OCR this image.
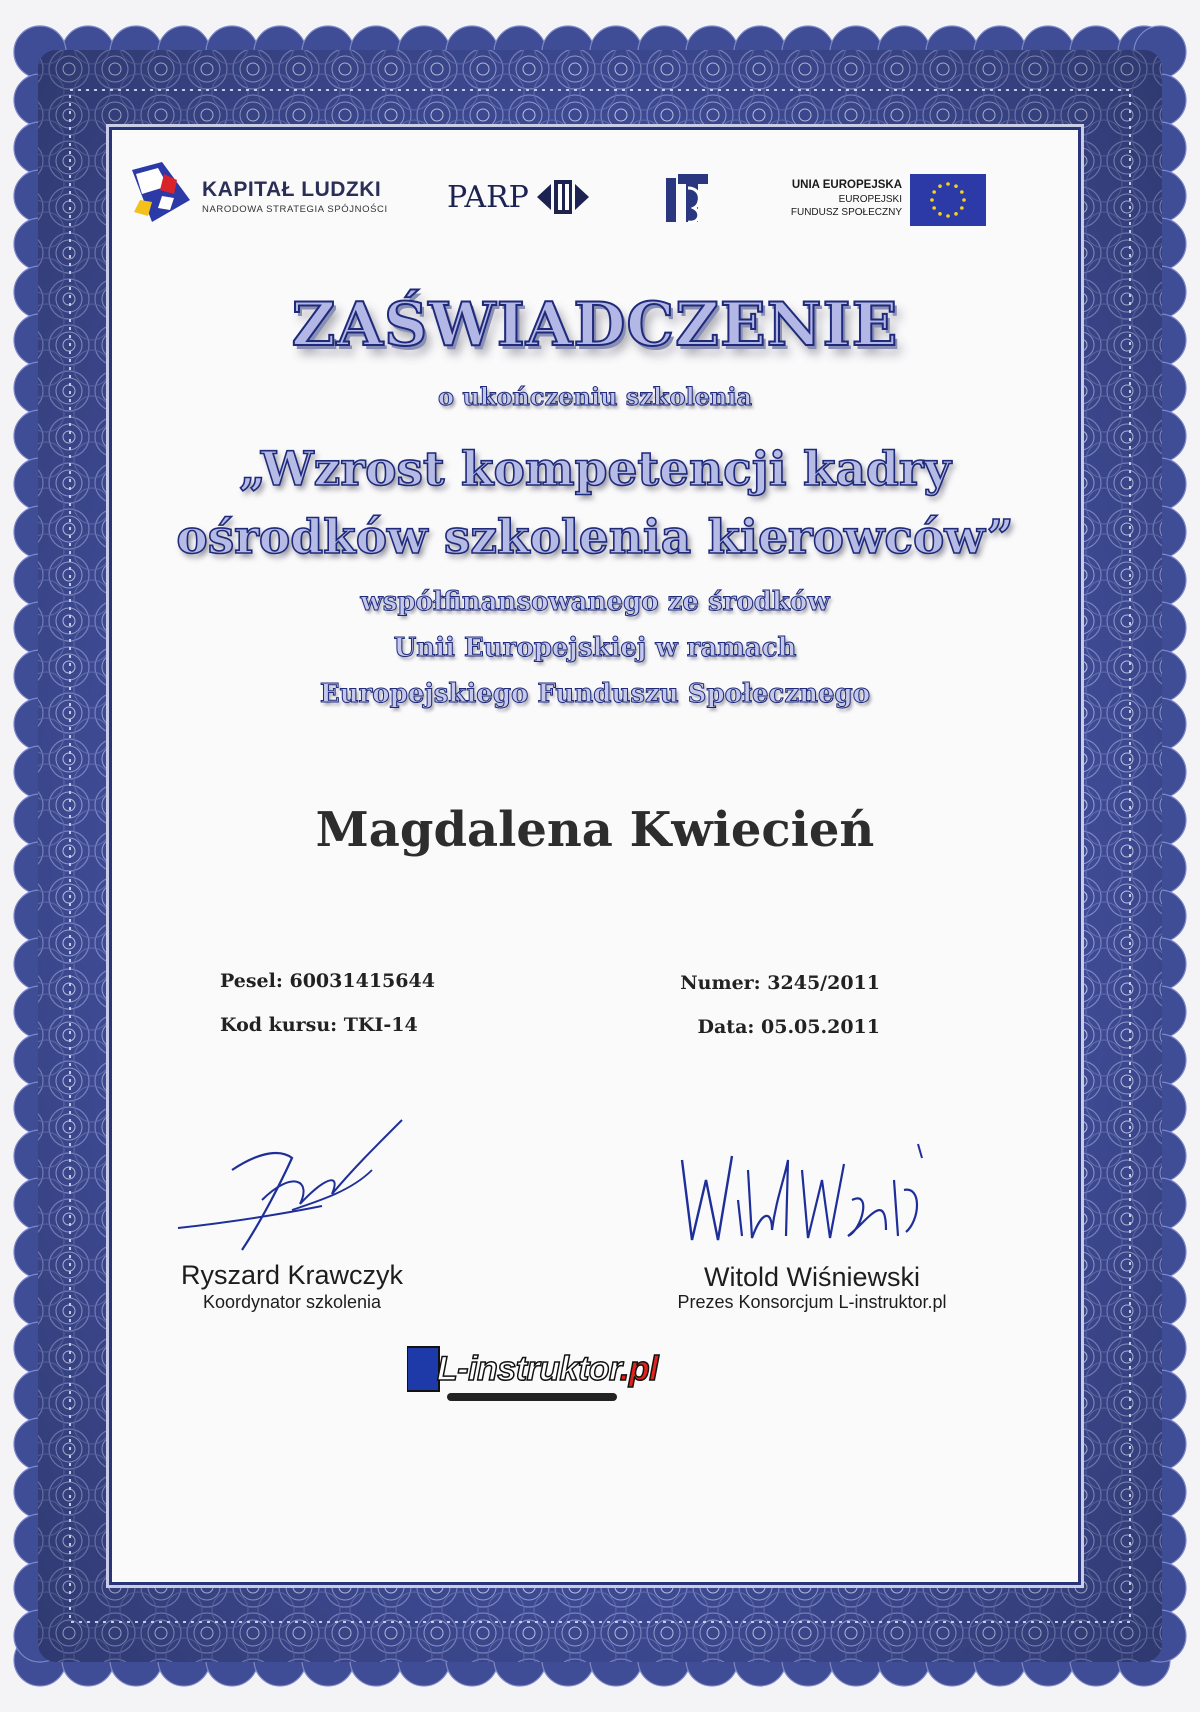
KAPITAŁ LUDZKI
NARODOWA STRATEGIA SPÓJNOŚCI PARP	UNIA EUROPEJSKA
EUROPEJSKI
FUNDUSZ SPOŁECZNY
ZAŚWIADCZENIE
o ukończeniu szkolenia
„Wzrost kompetencji kadry
ośrodków szkolenia kierowców”
współfinansowanego ze środków
Unii Europejskiej w ramach
Europejskiego Funduszu Społecznego
Magdalena Kwiecień
Pesel: 60031415644
Kod kursu: TKI-14
Numer: 3245/2011
Data: 05.05.2011
Ryszard Krawczyk
Koordynator szkolenia
Witold Wiśniewski
Prezes Konsorcjum L-instruktor.pl
L-instruktor.pl
